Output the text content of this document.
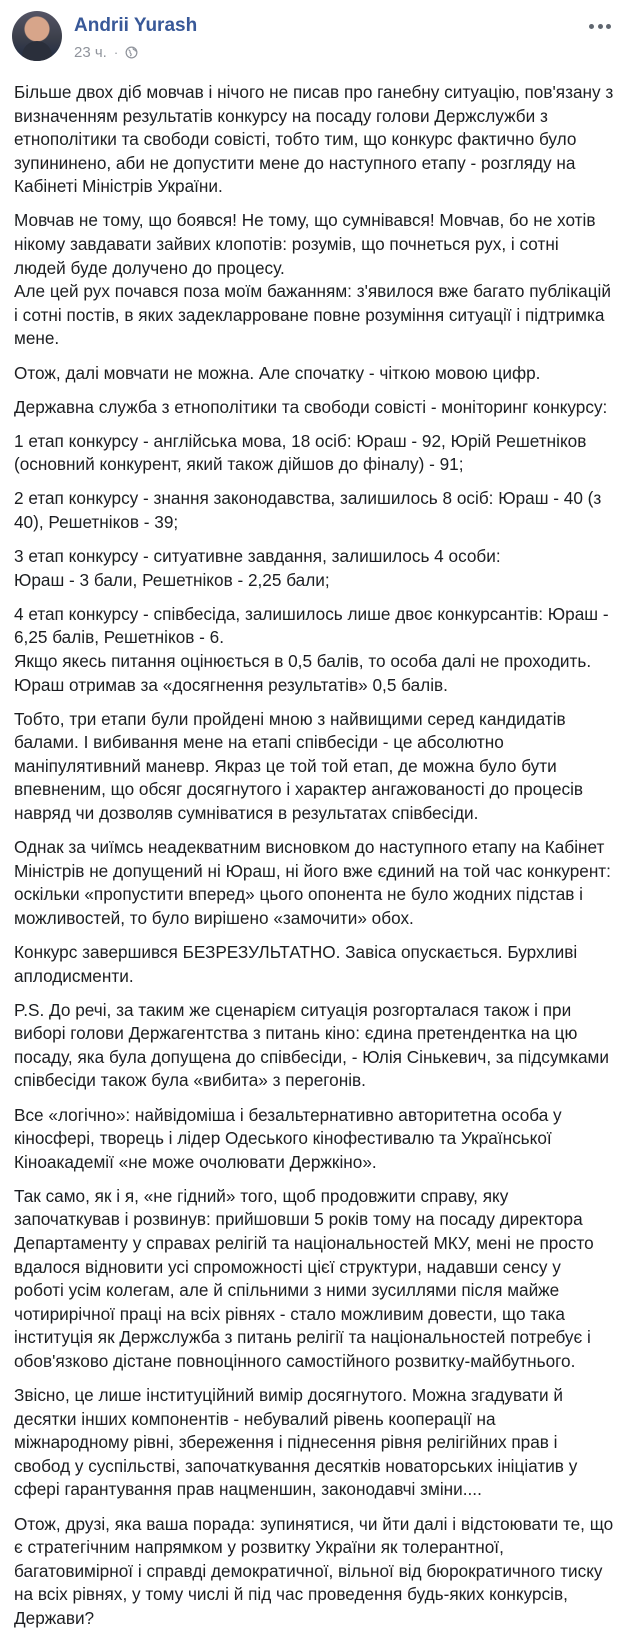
Andrii Yurash
23 ч. ·

Більше двох діб мовчав і нічого не писав про ганебну ситуацію, пов'язану з визначенням результатів конкурсу на посаду голови Держслужби з етнополітики та свободи совісті, тобто тим, що конкурс фактично було зупининено, аби не допустити мене до наступного етапу - розгляду на Кабінеті Міністрів України.

Мовчав не тому, що боявся! Не тому, що сумнівався! Мовчав, бо не хотів нікому завдавати зайвих клопотів: розумів, що почнеться рух, і сотні людей буде долучено до процесу.
Але цей рух почався поза моїм бажанням: з'явилося вже багато публікацій і сотні постів, в яких задекларроване повне розуміння ситуації і підтримка мене.

Отож, далі мовчати не можна. Але спочатку - чіткою мовою цифр.

Державна служба з етнополітики та свободи совісті - моніторинг конкурсу:

1 етап конкурсу - англійська мова, 18 осіб: Юраш - 92, Юрій Решетніков (основний конкурент, який також дійшов до фіналу) - 91;

2 етап конкурсу - знання законодавства, залишилось 8 осіб: Юраш - 40 (з 40), Решетніков - 39;

3 етап конкурсу - ситуативне завдання, залишилось 4 особи:
Юраш - 3 бали, Решетніков - 2,25 бали;

4 етап конкурсу - співбесіда, залишилось лише двоє конкурсантів: Юраш - 6,25 балів, Решетніков - 6.
Якщо якесь питання оцінюється в 0,5 балів, то особа далі не проходить. Юраш отримав за «досягнення результатів» 0,5 балів.

Тобто, три етапи були пройдені мною з найвищими серед кандидатів балами. І вибивання мене на етапі співбесіди - це абсолютно маніпулятивний маневр. Якраз це той той етап, де можна було бути впевненим, що обсяг досягнутого і характер ангажованості до процесів навряд чи дозволяв сумніватися в результатах співбесіди.

Однак за чиїмсь неадекватним висновком до наступного етапу на Кабінет Міністрів не допущений ні Юраш, ні його вже єдиний на той час конкурент: оскільки «пропустити вперед» цього опонента не було жодних підстав і можливостей, то було вирішено «замочити» обох.

Конкурс завершився БЕЗРЕЗУЛЬТАТНО. Завіса опускається. Бурхливі аплодисменти.

P.S. До речі, за таким же сценарієм ситуація розгорталася також і при виборі голови Держагентства з питань кіно: єдина претендентка на цю посаду, яка була допущена до співбесіди, - Юлія Сінькевич, за підсумками співбесіди також була «вибита» з перегонів.

Все «логічно»: найвідоміша і безальтернативно авторитетна особа у кіносфері, творець і лідер Одеського кінофестивалю та Української Кіноакадемії «не може очолювати Держкіно».

Так само, як і я, «не гідний» того, щоб продовжити справу, яку започаткував і розвинув: прийшовши 5 років тому на посаду директора Департаменту у справах релігій та національностей МКУ, мені не просто вдалося відновити усі спроможності цієї структури, надавши сенсу у роботі усім колегам, але й спільними з ними зусиллями після майже чотирирічної праці на всіх рівнях - стало можливим довести, що така інституція як Держслужба з питань релігії та національностей потребує і обов'язково дістане повноцінного самостійного розвитку-майбутнього.

Звісно, це лише інституційний вимір досягнутого. Можна згадувати й десятки інших компонентів - небувалий рівень кооперації на міжнародному рівні, збереження і піднесення рівня релігійних прав і свобод у суспільстві, започаткування десятків новаторських ініціатив у сфері гарантування прав нацменшин, законодавчі зміни....

Отож, друзі, яка ваша порада: зупинятися, чи йти далі і відстоювати те, що є стратегічним напрямком у розвитку України як толерантної, багатовимірної і справді демократичної, вільної від бюрократичного тиску на всіх рівнях, у тому числі й під час проведення будь-яких конкурсів, Держави?
